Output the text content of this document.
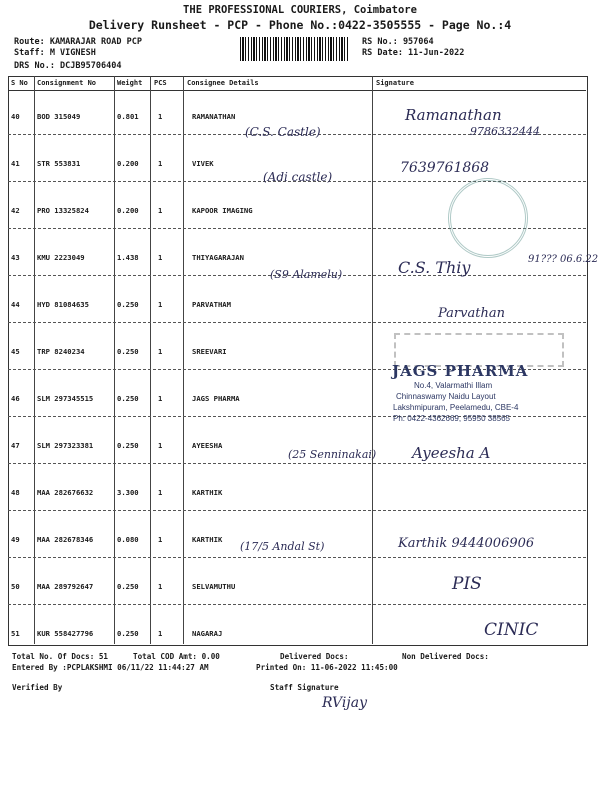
THE PROFESSIONAL COURIERS, Coimbatore
Delivery Runsheet - PCP - Phone No.:0422-3505555 - Page No.:4
Route: KAMARAJAR ROAD PCP
Staff: M VIGNESH
DRS No.: DCJB95706404
RS No.: 957064
RS Date: 11-Jun-2022
S No Consignment No	Weight PCS	Consignee Details	Signature
40 BOD 315049	0.801	1	RAMANATHAN
41 STR 553831	0.200	1	VIVEK
42 PRO 13325824	0.200	1	KAPOOR IMAGING
43 KMU 2223049	1.438	1	THIYAGARAJAN
44 HYD 81084635	0.250	1	PARVATHAM
45 TRP 8240234	0.250	1	SREEVARI
46 SLM 297345515	0.250	1	JAGS PHARMA
47 SLM 297323381	0.250	1	AYEESHA
48 MAA 282676632	3.300	1	KARTHIK
49 MAA 282678346	0.080	1	KARTHIK
50 MAA 289792647	0.250	1	SELVAMUTHU
51 KUR 558427796	0.250	1	NAGARAJ
JAGS PHARMA
No.4, Valarmathi Illam
Chinnaswamy Naidu Layout
Lakshmipuram, Peelamedu, CBE-4
Ph: 0422-4362669, 95950 38565
(C.S. Castle)
Ramanathan
9786332444
(Adi castle)
7639761868
(S9 Alamelu)	C.S. Thiy	91??? 06.6.22
Parvathan
(25 Senninakai) Ayeesha A
(17/5 Andal St)	Karthik 9444006906
PIS
CINIC
Total No. Of Docs: 51	Total COD Amt: 0.00	Delivered Docs:	Non Delivered Docs:
Entered By :PCPLAKSHMI 06/11/22 11:44:27 AM	Printed On: 11-06-2022 11:45:00
Verified By	Staff Signature
RVijay
